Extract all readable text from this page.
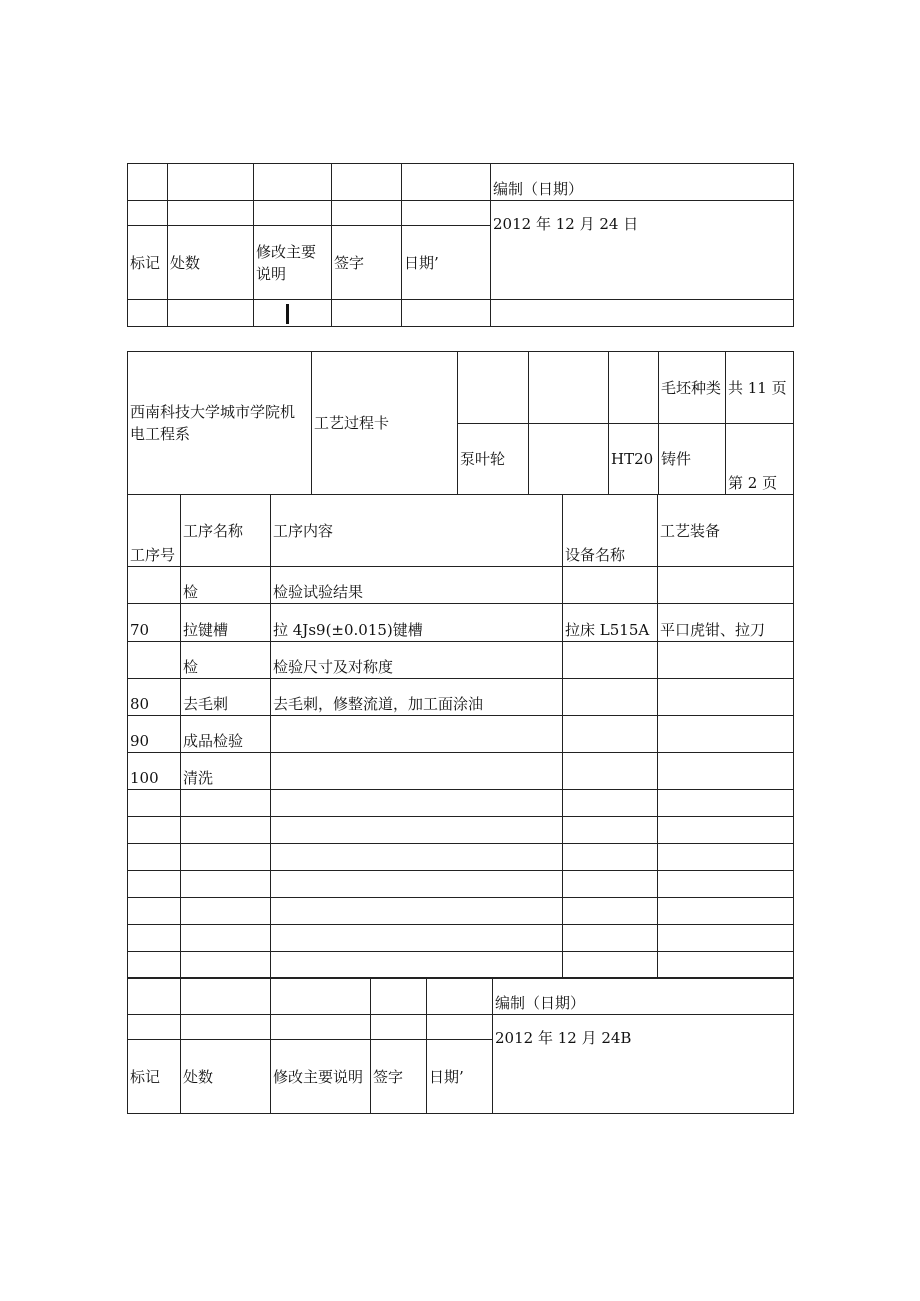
					编制（日期）

					2012 年 12 月 24 日

标记	处数	修改主要说明	签字	日期’	

西南科技大学城市学院机电工程系	工艺过程卡				毛坯种类	共 11 页
		泵叶轮		HT20	铸件	第 2 页
工序号	工序名称	工序内容	设备名称	工艺装备
	检	检验试验结果		
70	拉键槽	拉 4Js9(±0.015)键槽	拉床 L515A	平口虎钳、拉刀
	检	检验尺寸及对称度		
80	去毛刺	去毛刺，修整流道，加工面涂油		
90	成品检验			
100	清洗			

					编制（日期）

					2012 年 12 月 24B

标记	处数	修改主要说明	签字	日期’	
